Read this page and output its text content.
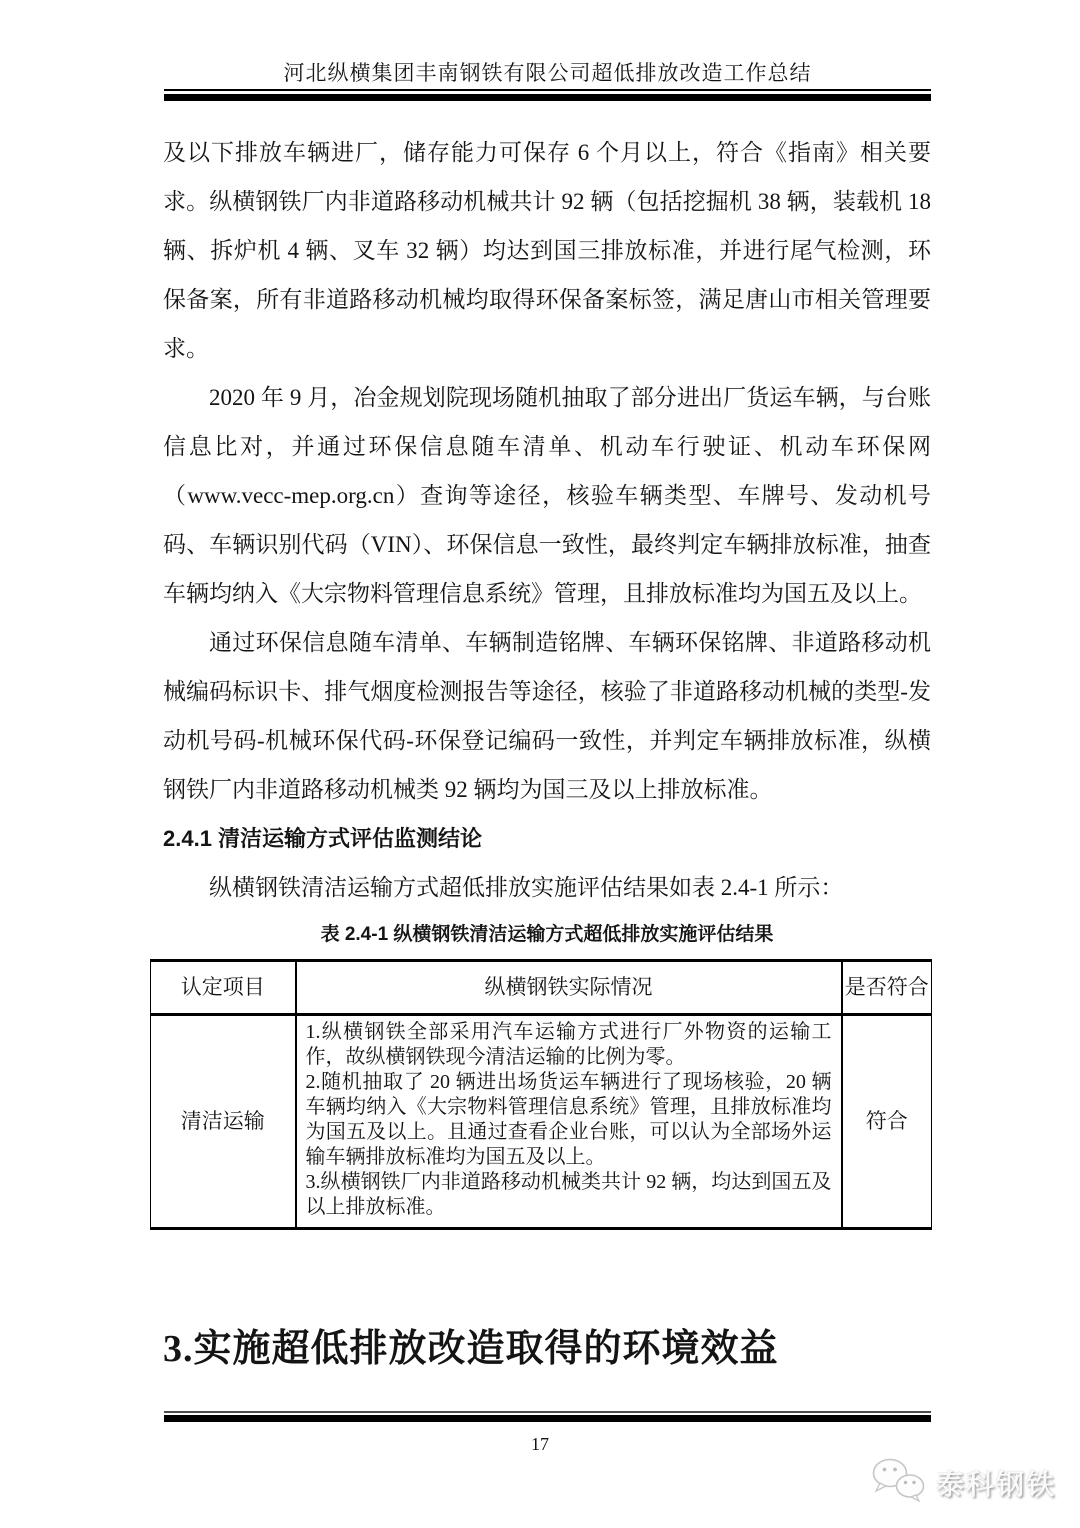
河北纵横集团丰南钢铁有限公司超低排放改造工作总结

及以下排放车辆进厂，储存能力可保存 6 个月以上，符合《指南》相关要求。纵横钢铁厂内非道路移动机械共计 92 辆（包括挖掘机 38 辆，装载机 18 辆、拆炉机 4 辆、叉车 32 辆）均达到国三排放标准，并进行尾气检测，环保备案，所有非道路移动机械均取得环保备案标签，满足唐山市相关管理要求。

2020 年 9 月，冶金规划院现场随机抽取了部分进出厂货运车辆，与台账信息比对，并通过环保信息随车清单、机动车行驶证、机动车环保网（www.vecc-mep.org.cn）查询等途径，核验车辆类型、车牌号、发动机号码、车辆识别代码（VIN）、环保信息一致性，最终判定车辆排放标准，抽查车辆均纳入《大宗物料管理信息系统》管理，且排放标准均为国五及以上。

通过环保信息随车清单、车辆制造铭牌、车辆环保铭牌、非道路移动机械编码标识卡、排气烟度检测报告等途径，核验了非道路移动机械的类型-发动机号码-机械环保代码-环保登记编码一致性，并判定车辆排放标准，纵横钢铁厂内非道路移动机械类 92 辆均为国三及以上排放标准。

2.4.1 清洁运输方式评估监测结论

纵横钢铁清洁运输方式超低排放实施评估结果如表 2.4-1 所示：

表 2.4-1 纵横钢铁清洁运输方式超低排放实施评估结果
认定项目	纵横钢铁实际情况	是否符合
清洁运输	1.纵横钢铁全部采用汽车运输方式进行厂外物资的运输工作，故纵横钢铁现今清洁运输的比例为零。

2.随机抽取了 20 辆进出场货运车辆进行了现场核验，20 辆车辆均纳入《大宗物料管理信息系统》管理，且排放标准均为国五及以上。且通过查看企业台账，可以认为全部场外运输车辆排放标准均为国五及以上。

3.纵横钢铁厂内非道路移动机械类共计 92 辆，均达到国五及以上排放标准。	符合
3.实施超低排放改造取得的环境效益
17
泰科钢铁
